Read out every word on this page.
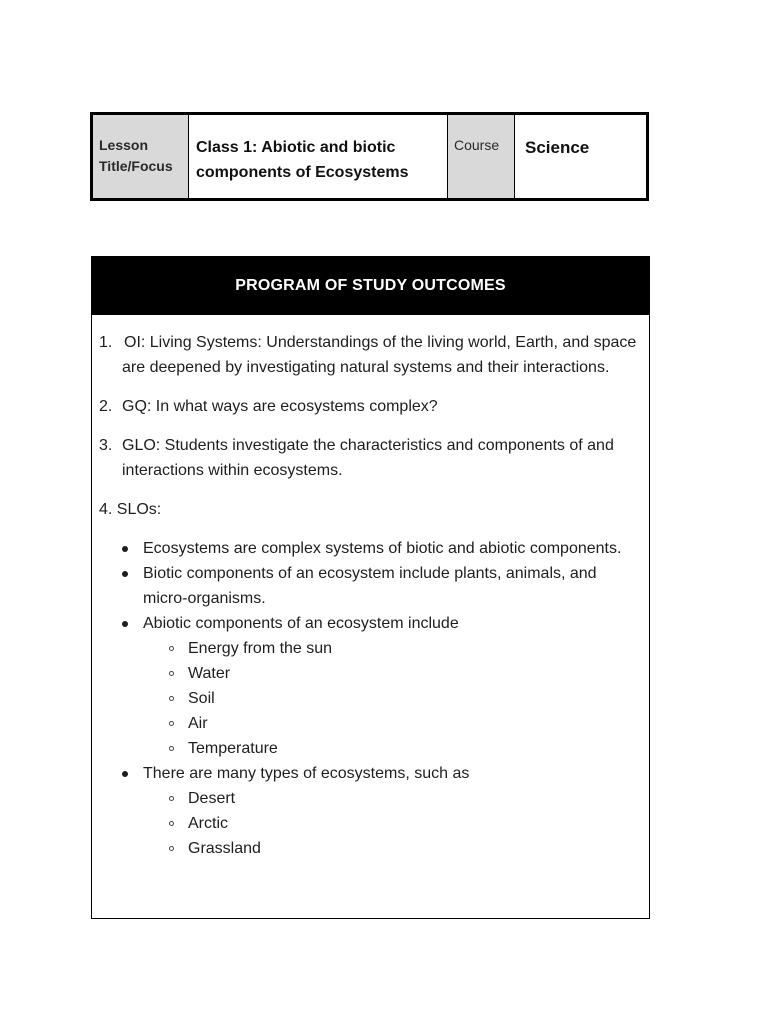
Lesson Title/Focus
Class 1: Abiotic and biotic components of Ecosystems
Course	Science
PROGRAM OF STUDY OUTCOMES
1. OI: Living Systems: Understandings of the living world, Earth, and space are deepened by investigating natural systems and their interactions.
2. GQ: In what ways are ecosystems complex?
3. GLO: Students investigate the characteristics and components of and interactions within ecosystems.
4. SLOs:
Ecosystems are complex systems of biotic and abiotic components.
Biotic components of an ecosystem include plants, animals, and micro-organisms.
Abiotic components of an ecosystem include
Energy from the sun
Water
Soil
Air
Temperature
There are many types of ecosystems, such as
Desert
Arctic
Grassland
